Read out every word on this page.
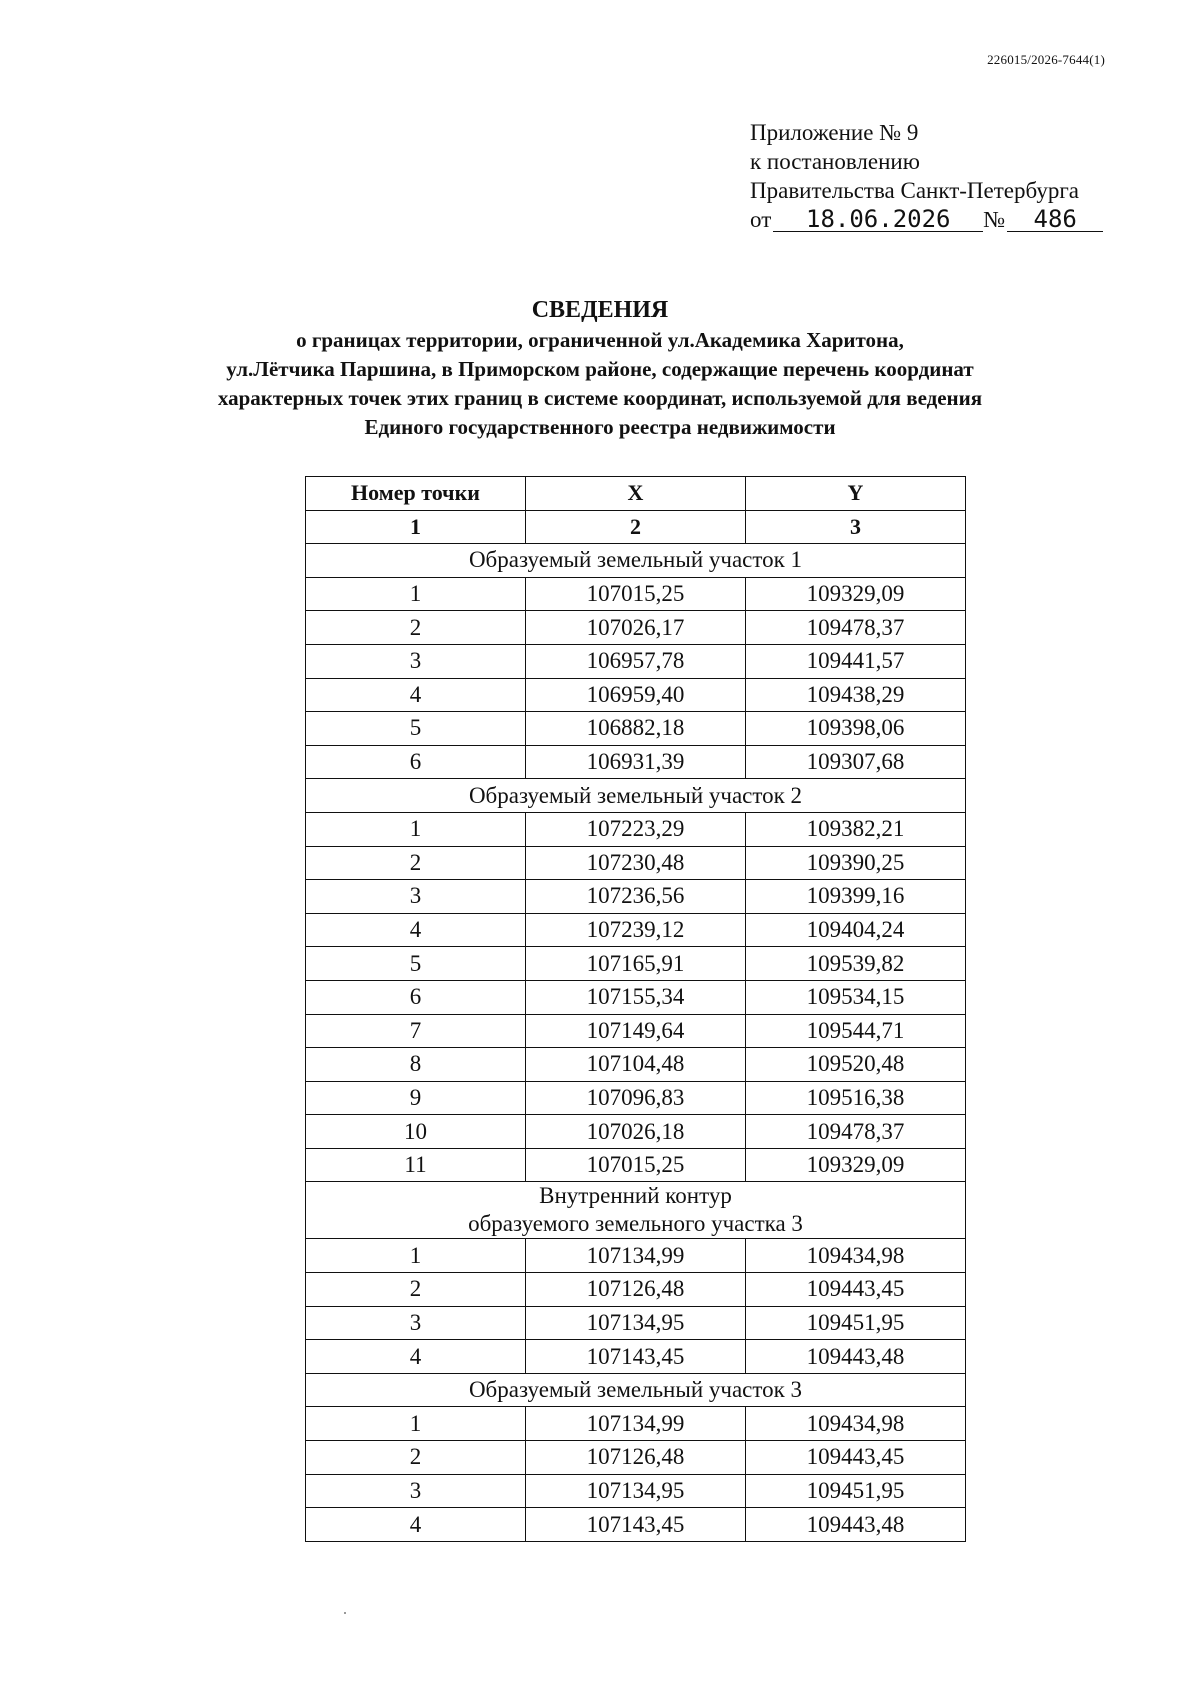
226015/2026-7644(1)
Приложение № 9
к постановлению
Правительства Санкт-Петербурга
от	18.06.2026	№	486
СВЕДЕНИЯ
о границах территории, ограниченной ул.Академика Харитона,
ул.Лётчика Паршина, в Приморском районе, содержащие перечень координат
характерных точек этих границ в системе координат, используемой для ведения
Единого государственного реестра недвижимости
Номер точки	X	Y
1	2	3

Образуемый земельный участок 1		

1	107015,25	109329,09
2	107026,17	109478,37
3	106957,78	109441,57
4	106959,40	109438,29
5	106882,18	109398,06
6	106931,39	109307,68

Образуемый земельный участок 2		

1	107223,29	109382,21
2	107230,48	109390,25
3	107236,56	109399,16
4	107239,12	109404,24
5	107165,91	109539,82
6	107155,34	109534,15
7	107149,64	109544,71
8	107104,48	109520,48
9	107096,83	109516,38
10	107026,18	109478,37
11	107015,25	109329,09

Внутренний контур
образуемого земельного участка 3		

1	107134,99	109434,98
2	107126,48	109443,45
3	107134,95	109451,95
4	107143,45	109443,48

Образуемый земельный участок 3		

1	107134,99	109434,98
2	107126,48	109443,45
3	107134,95	109451,95
4	107143,45	109443,48
